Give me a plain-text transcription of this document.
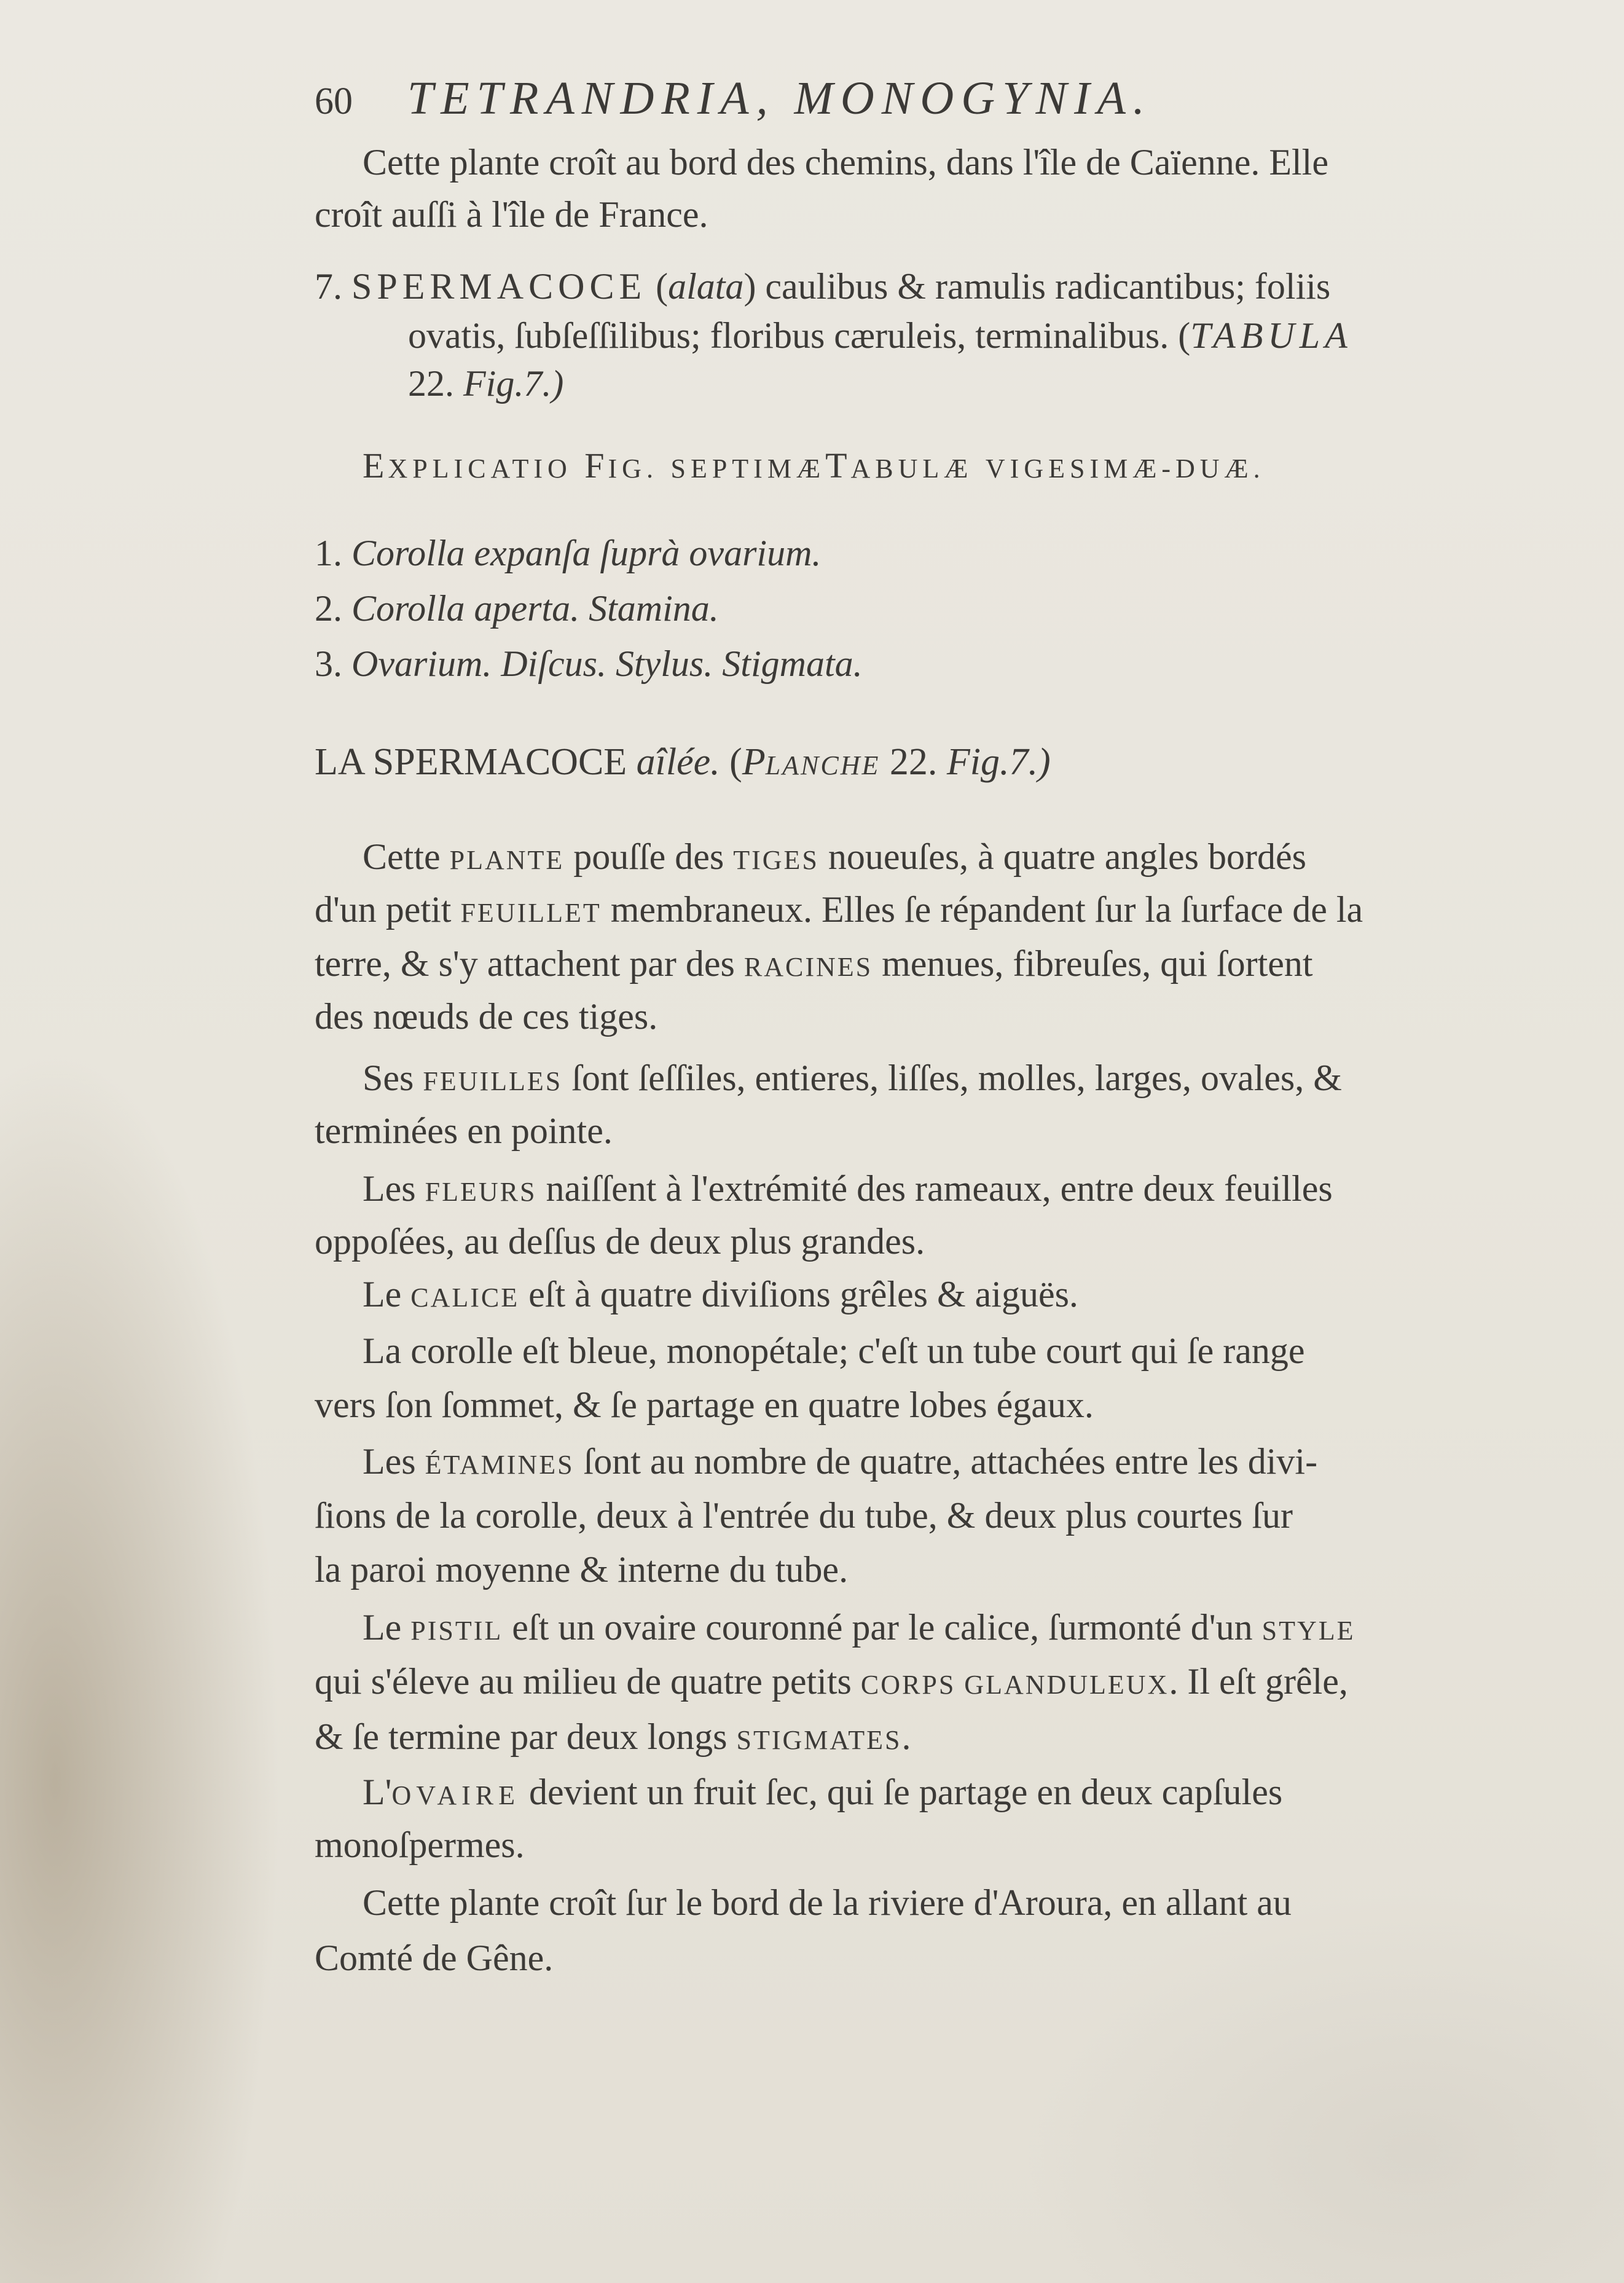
60 TETRANDRIA, MONOGYNIA.
Cette plante croît au bord des chemins, dans l'île de Caïenne. Elle
croît auſſi à l'île de France.
7. SPERMACOCE (alata) caulibus & ramulis radicantibus; foliis
ovatis, ſubſeſſilibus; floribus cæruleis, terminalibus. (TABULA
22. Fig.7.)
EXPLICATIO FIG. SEPTIMÆTABULÆ VIGESIMÆ-DUÆ.
1. Corolla expanſa ſuprà ovarium.
2. Corolla aperta. Stamina.
3. Ovarium. Diſcus. Stylus. Stigmata.
LA SPERMACOCE aîlée. (PLANCHE 22. Fig.7.)
Cette PLANTE pouſſe des TIGES noueuſes, à quatre angles bordés
d'un petit FEUILLET membraneux. Elles ſe répandent ſur la ſurface de la
terre, & s'y attachent par des RACINES menues, fibreuſes, qui ſortent
des nœuds de ces tiges.
Ses FEUILLES ſont ſeſſiles, entieres, liſſes, molles, larges, ovales, &
terminées en pointe.
Les FLEURS naiſſent à l'extrémité des rameaux, entre deux feuilles
oppoſées, au deſſus de deux plus grandes.
Le CALICE eſt à quatre diviſions grêles & aiguës.
La corolle eſt bleue, monopétale; c'eſt un tube court qui ſe range
vers ſon ſommet, & ſe partage en quatre lobes égaux.
Les ÉTAMINES ſont au nombre de quatre, attachées entre les divi-
ſions de la corolle, deux à l'entrée du tube, & deux plus courtes ſur
la paroi moyenne & interne du tube.
Le PISTIL eſt un ovaire couronné par le calice, ſurmonté d'un STYLE
qui s'éleve au milieu de quatre petits CORPS GLANDULEUX. Il eſt grêle,
& ſe termine par deux longs STIGMATES.
L'OVAIRE devient un fruit ſec, qui ſe partage en deux capſules
monoſpermes.
Cette plante croît ſur le bord de la riviere d'Aroura, en allant au
Comté de Gêne.
